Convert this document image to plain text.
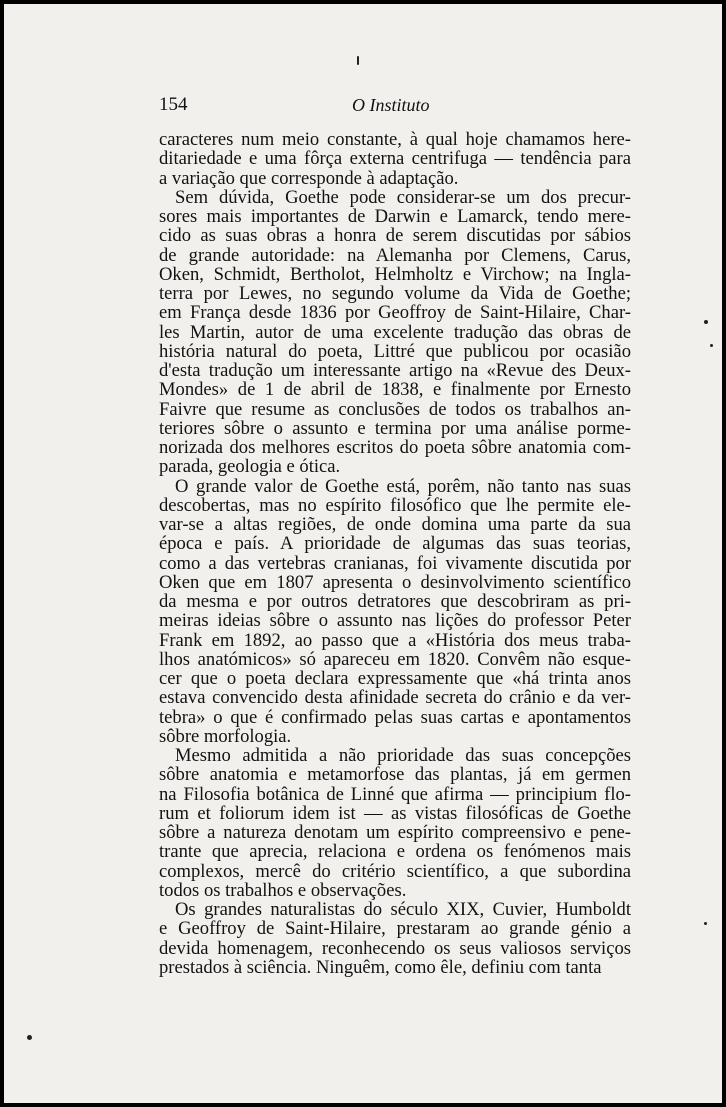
154	O Instituto
caracteres num meio constante, à qual hoje chamamos here-
ditariedade e uma fôrça externa centrifuga — tendência para
a variação que corresponde à adaptação.
Sem dúvida, Goethe pode considerar-se um dos precur-
sores mais importantes de Darwin e Lamarck, tendo mere-
cido as suas obras a honra de serem discutidas por sábios
de grande autoridade: na Alemanha por Clemens, Carus,
Oken, Schmidt, Bertholot, Helmholtz e Virchow; na Ingla-
terra por Lewes, no segundo volume da Vida de Goethe;
em França desde 1836 por Geoffroy de Saint-Hilaire, Char-
les Martin, autor de uma excelente tradução das obras de
história natural do poeta, Littré que publicou por ocasião
d'esta tradução um interessante artigo na «Revue des Deux-
Mondes» de 1 de abril de 1838, e finalmente por Ernesto
Faivre que resume as conclusões de todos os trabalhos an-
teriores sôbre o assunto e termina por uma análise porme-
norizada dos melhores escritos do poeta sôbre anatomia com-
parada, geologia e ótica.
O grande valor de Goethe está, porêm, não tanto nas suas
descobertas, mas no espírito filosófico que lhe permite ele-
var-se a altas regiões, de onde domina uma parte da sua
época e país. A prioridade de algumas das suas teorias,
como a das vertebras cranianas, foi vivamente discutida por
Oken que em 1807 apresenta o desinvolvimento scientífico
da mesma e por outros detratores que descobriram as pri-
meiras ideias sôbre o assunto nas lições do professor Peter
Frank em 1892, ao passo que a «História dos meus traba-
lhos anatómicos» só apareceu em 1820. Convêm não esque-
cer que o poeta declara expressamente que «há trinta anos
estava convencido desta afinidade secreta do crânio e da ver-
tebra» o que é confirmado pelas suas cartas e apontamentos
sôbre morfologia.
Mesmo admitida a não prioridade das suas concepções
sôbre anatomia e metamorfose das plantas, já em germen
na Filosofia botânica de Linné que afirma — principium flo-
rum et foliorum idem ist — as vistas filosóficas de Goethe
sôbre a natureza denotam um espírito compreensivo e pene-
trante que aprecia, relaciona e ordena os fenómenos mais
complexos, mercê do critério scientífico, a que subordina
todos os trabalhos e observações.
Os grandes naturalistas do século XIX, Cuvier, Humboldt
e Geoffroy de Saint-Hilaire, prestaram ao grande génio a
devida homenagem, reconhecendo os seus valiosos serviços
prestados à sciência. Ninguêm, como êle, definiu com tanta
